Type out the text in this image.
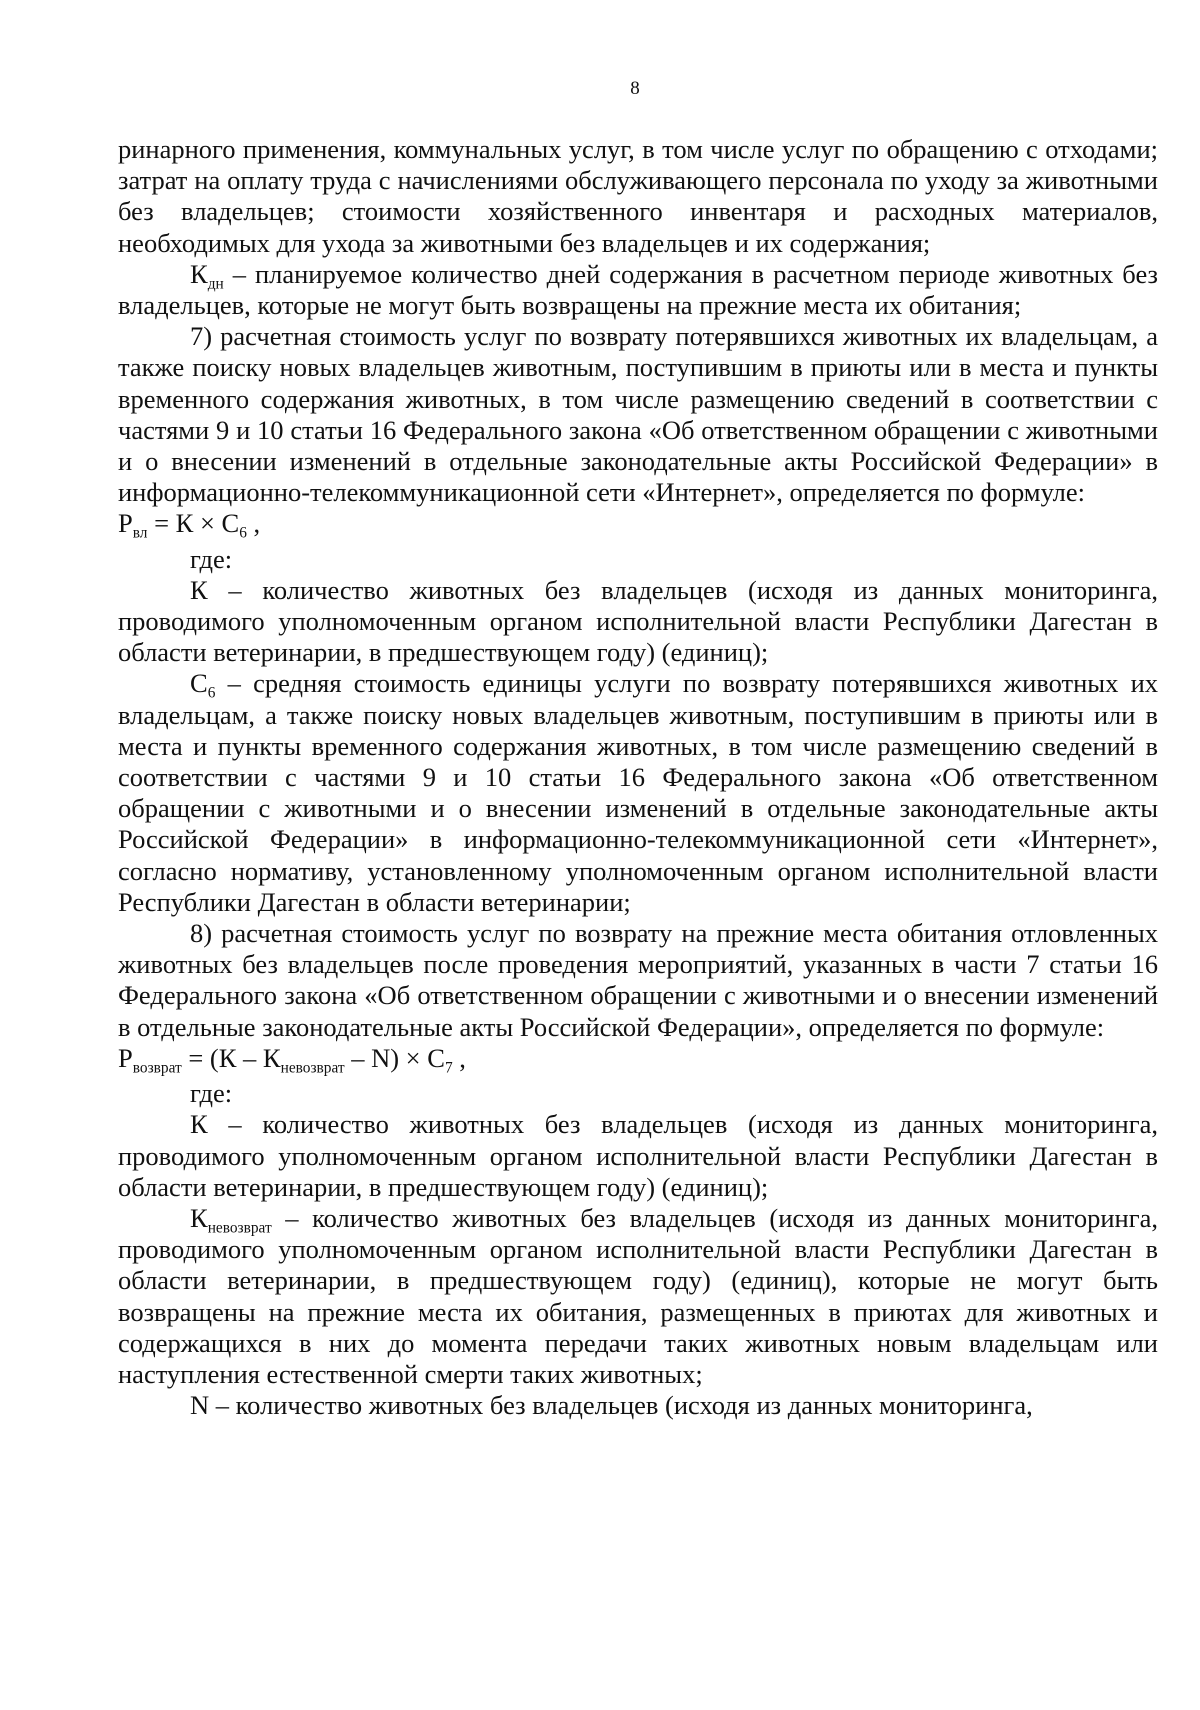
8

ринарного применения, коммунальных услуг, в том числе услуг по обращению с отходами; затрат на оплату труда с начислениями обслуживающего персонала по уходу за животными без владельцев; стоимости хозяйственного инвентаря и расходных материалов, необходимых для ухода за животными без владельцев и их содержания;

$К_{дн}$ – планируемое количество дней содержания в расчетном периоде животных без владельцев, которые не могут быть возвращены на прежние места их обитания;

7) расчетная стоимость услуг по возврату потерявшихся животных их владельцам, а также поиску новых владельцев животным, поступившим в приюты или в места и пункты временного содержания животных, в том числе размещению сведений в соответствии с частями 9 и 10 статьи 16 Федерального закона «Об ответственном обращении с животными и о внесении изменений в отдельные законодательные акты Российской Федерации» в информационно-телекоммуникационной сети «Интернет», определяется по формуле:

$Р_{вл} = К \times С_6$ ,

где:

К – количество животных без владельцев (исходя из данных мониторинга, проводимого уполномоченным органом исполнительной власти Республики Дагестан в области ветеринарии, в предшествующем году) (единиц);

$С_6$ – средняя стоимость единицы услуги по возврату потерявшихся животных их владельцам, а также поиску новых владельцев животным, поступившим в приюты или в места и пункты временного содержания животных, в том числе размещению сведений в соответствии с частями 9 и 10 статьи 16 Федерального закона «Об ответственном обращении с животными и о внесении изменений в отдельные законодательные акты Российской Федерации» в информационно-телекоммуникационной сети «Интернет», согласно нормативу, установленному уполномоченным органом исполнительной власти Республики Дагестан в области ветеринарии;

8) расчетная стоимость услуг по возврату на прежние места обитания отловленных животных без владельцев после проведения мероприятий, указанных в части 7 статьи 16 Федерального закона «Об ответственном обращении с животными и о внесении изменений в отдельные законодательные акты Российской Федерации», определяется по формуле:

$Р_{возврат} = (К - К_{невозврат} - N) \times С_7$ ,

где:

К – количество животных без владельцев (исходя из данных мониторинга, проводимого уполномоченным органом исполнительной власти Республики Дагестан в области ветеринарии, в предшествующем году) (единиц);

$К_{невозврат}$ – количество животных без владельцев (исходя из данных мониторинга, проводимого уполномоченным органом исполнительной власти Республики Дагестан в области ветеринарии, в предшествующем году) (единиц), которые не могут быть возвращены на прежние места их обитания, размещенных в приютах для животных и содержащихся в них до момента передачи таких животных новым владельцам или наступления естественной смерти таких животных;

N – количество животных без владельцев (исходя из данных мониторинга,
